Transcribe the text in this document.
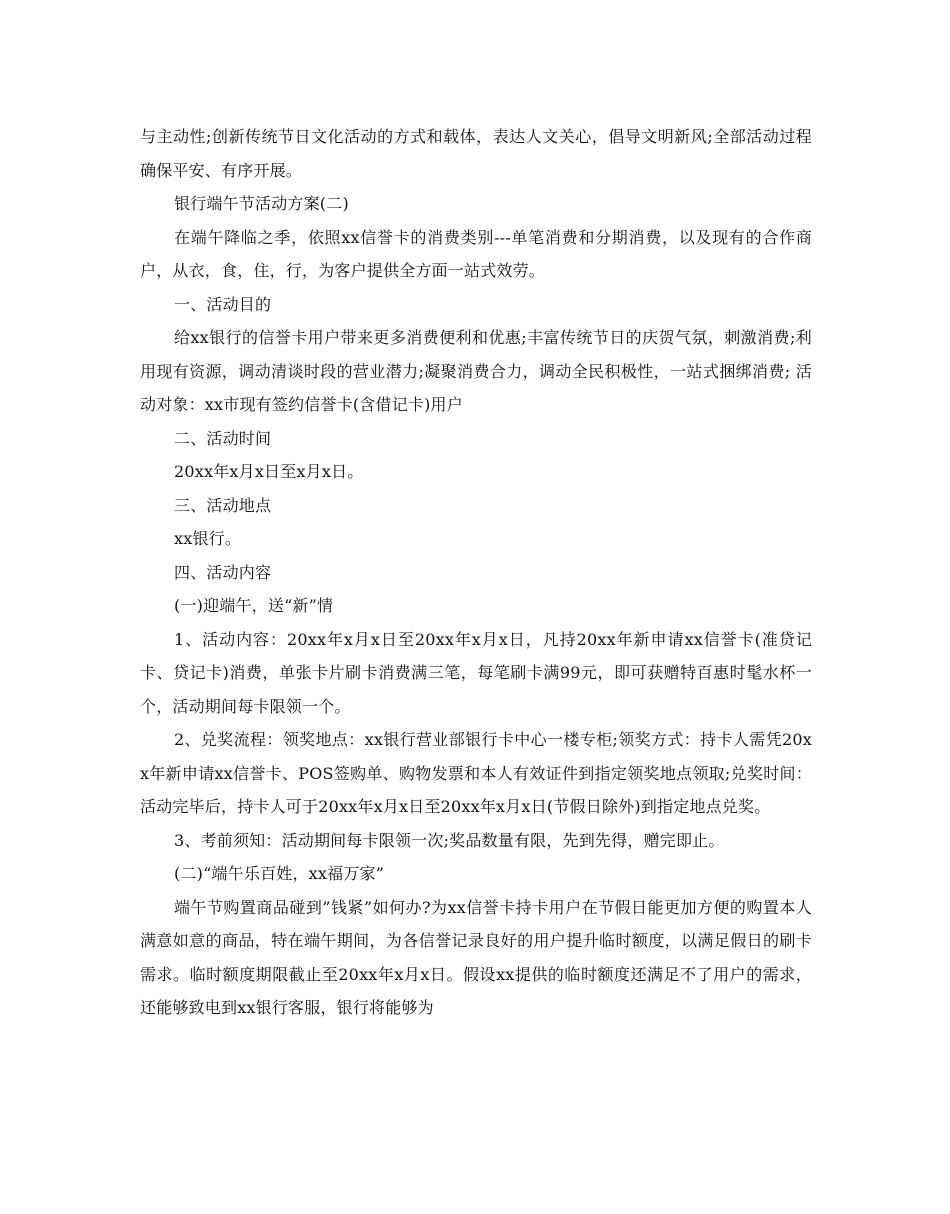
与主动性;创新传统节日文化活动的方式和载体，表达人文关心，倡导文明新风;全部活动过程确保平安、有序开展。

银行端午节活动方案(二)

在端午降临之季，依照xx信誉卡的消费类别---单笔消费和分期消费，以及现有的合作商户，从衣，食，住，行，为客户提供全方面一站式效劳。

一、活动目的

给xx银行的信誉卡用户带来更多消费便利和优惠;丰富传统节日的庆贺气氛，刺激消费;利用现有资源，调动清谈时段的营业潜力;凝聚消费合力，调动全民积极性，一站式捆绑消费; 活动对象：xx市现有签约信誉卡(含借记卡)用户

二、活动时间

20xx年x月x日至x月x日。

三、活动地点

xx银行。

四、活动内容

(一)迎端午，送“新”情

1、活动内容：20xx年x月x日至20xx年x月x日，凡持20xx年新申请xx信誉卡(准贷记卡、贷记卡)消费，单张卡片刷卡消费满三笔，每笔刷卡满99元，即可获赠特百惠时髦水杯一个，活动期间每卡限领一个。

2、兑奖流程：领奖地点：xx银行营业部银行卡中心一楼专柜;领奖方式：持卡人需凭20xx年新申请xx信誉卡、POS签购单、购物发票和本人有效证件到指定领奖地点领取;兑奖时间：活动完毕后，持卡人可于20xx年x月x日至20xx年x月x日(节假日除外)到指定地点兑奖。

3、考前须知：活动期间每卡限领一次;奖品数量有限，先到先得，赠完即止。

(二)“端午乐百姓，xx福万家”

端午节购置商品碰到”钱紧”如何办?为xx信誉卡持卡用户在节假日能更加方便的购置本人满意如意的商品，特在端午期间，为各信誉记录良好的用户提升临时额度，以满足假日的刷卡需求。临时额度期限截止至20xx年x月x日。假设xx提供的临时额度还满足不了用户的需求，还能够致电到xx银行客服，银行将能够为
